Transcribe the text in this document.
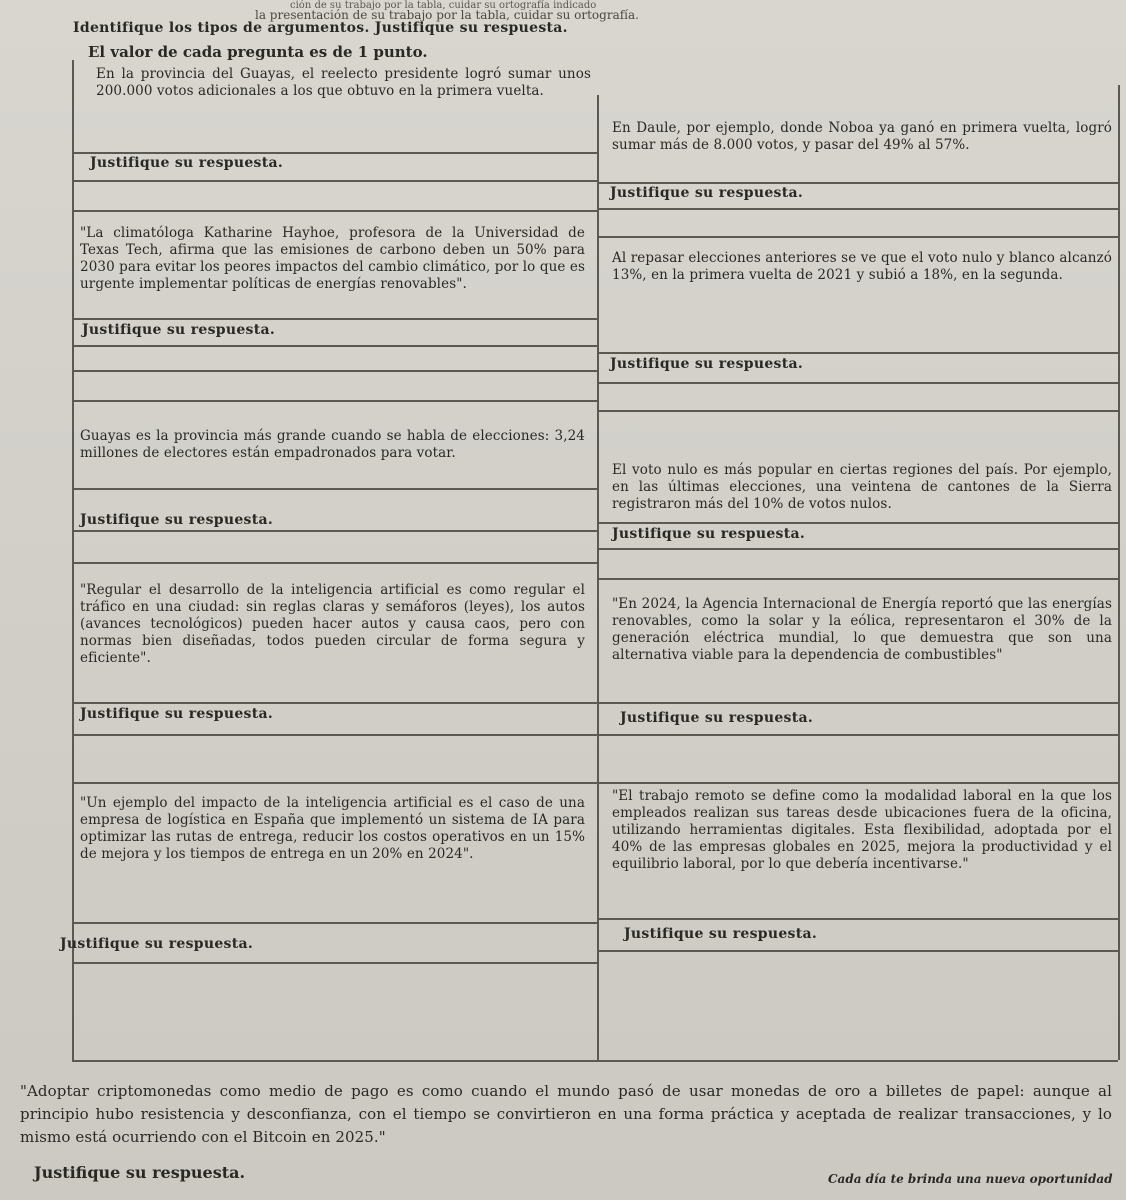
ción de su trabajo por la tabla, cuidar su ortografía indicado
la presentación de su trabajo por la tabla, cuidar su ortografía.
Identifique los tipos de argumentos. Justifique su respuesta.
El valor de cada pregunta es de 1 punto.
En la provincia del Guayas, el reelecto presidente logró sumar unos 200.000 votos adicionales a los que obtuvo en la primera vuelta.
Justifique su respuesta.
"La climatóloga Katharine Hayhoe, profesora de la Universidad de Texas Tech, afirma que las emisiones de carbono deben un 50% para 2030 para evitar los peores impactos del cambio climático, por lo que es urgente implementar políticas de energías renovables".
Justifique su respuesta.
Guayas es la provincia más grande cuando se habla de elecciones: 3,24 millones de electores están empadronados para votar.
Justifique su respuesta.
"Regular el desarrollo de la inteligencia artificial es como regular el tráfico en una ciudad: sin reglas claras y semáforos (leyes), los autos (avances tecnológicos) pueden hacer autos y causa caos, pero con normas bien diseñadas, todos pueden circular de forma segura y eficiente".
Justifique su respuesta.
"Un ejemplo del impacto de la inteligencia artificial es el caso de una empresa de logística en España que implementó un sistema de IA para optimizar las rutas de entrega, reducir los costos operativos en un 15% de mejora y los tiempos de entrega en un 20% en 2024".
Justifique su respuesta.
En Daule, por ejemplo, donde Noboa ya ganó en primera vuelta, logró sumar más de 8.000 votos, y pasar del 49% al 57%.
Justifique su respuesta.
Al repasar elecciones anteriores se ve que el voto nulo y blanco alcanzó 13%, en la primera vuelta de 2021 y subió a 18%, en la segunda.
Justifique su respuesta.
El voto nulo es más popular en ciertas regiones del país. Por ejemplo, en las últimas elecciones, una veintena de cantones de la Sierra registraron más del 10% de votos nulos.
Justifique su respuesta.
"En 2024, la Agencia Internacional de Energía reportó que las energías renovables, como la solar y la eólica, representaron el 30% de la generación eléctrica mundial, lo que demuestra que son una alternativa viable para la dependencia de combustibles"
Justifique su respuesta.
"El trabajo remoto se define como la modalidad laboral en la que los empleados realizan sus tareas desde ubicaciones fuera de la oficina, utilizando herramientas digitales. Esta flexibilidad, adoptada por el 40% de las empresas globales en 2025, mejora la productividad y el equilibrio laboral, por lo que debería incentivarse."
Justifique su respuesta.
"Adoptar criptomonedas como medio de pago es como cuando el mundo pasó de usar monedas de oro a billetes de papel: aunque al principio hubo resistencia y desconfianza, con el tiempo se convirtieron en una forma práctica y aceptada de realizar transacciones, y lo mismo está ocurriendo con el Bitcoin en 2025."
Justifique su respuesta.	Cada día te brinda una nueva oportunidad
